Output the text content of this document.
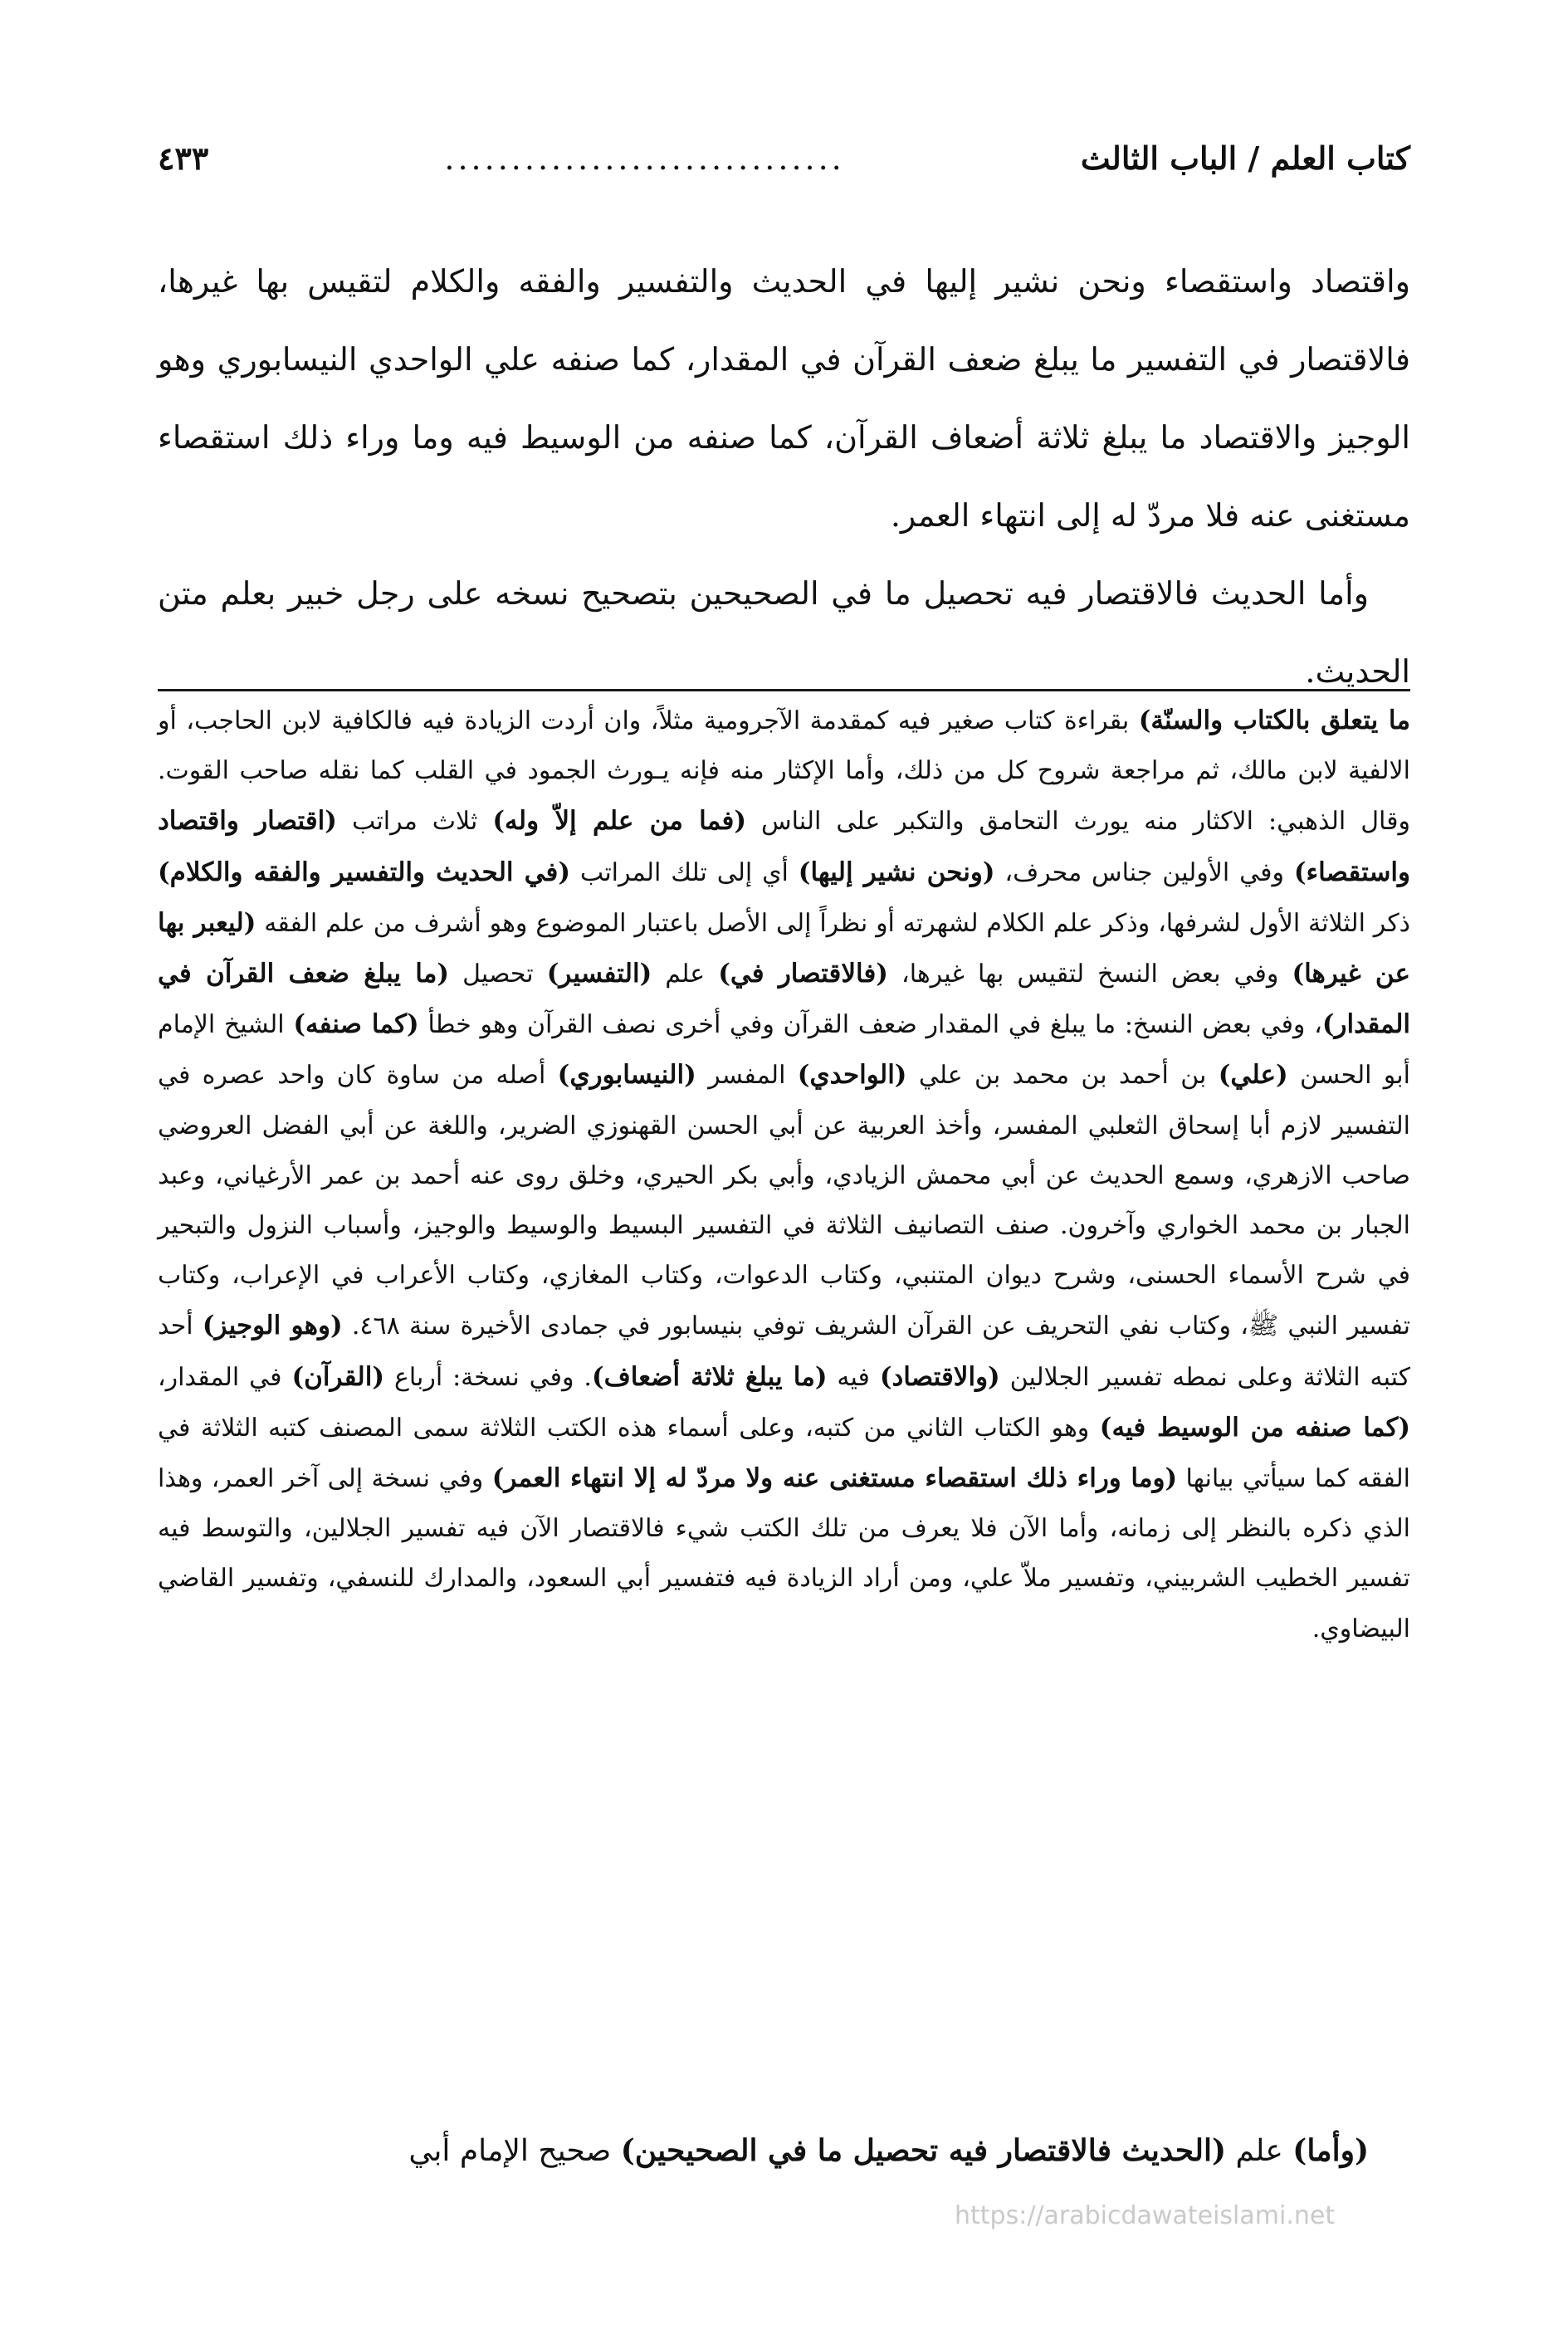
كتاب العلم / الباب الثالث
..............................
٤٣٣

واقتصاد واستقصاء ونحن نشير إليها في الحديث والتفسير والفقه والكلام لتقيس بها غيرها، فالاقتصار في التفسير ما يبلغ ضعف القرآن في المقدار، كما صنفه علي الواحدي النيسابوري وهو الوجيز والاقتصاد ما يبلغ ثلاثة أضعاف القرآن، كما صنفه من الوسيط فيه وما وراء ذلك استقصاء مستغنى عنه فلا مردّ له إلى انتهاء العمر.

وأما الحديث فالاقتصار فيه تحصيل ما في الصحيحين بتصحيح نسخه على رجل خبير بعلم متن الحديث.

ما يتعلق بالكتاب والسنّة) بقراءة كتاب صغير فيه كمقدمة الآجرومية مثلاً، وان أردت الزيادة فيه فالكافية لابن الحاجب، أو الالفية لابن مالك، ثم مراجعة شروح كل من ذلك، وأما الإكثار منه فإنه يـورث الجمود في القلب كما نقله صاحب القوت. وقال الذهبي: الاكثار منه يورث التحامق والتكبر على الناس (فما من علم إلاّ وله) ثلاث مراتب (اقتصار واقتصاد واستقصاء) وفي الأولين جناس محرف، (ونحن نشير إليها) أي إلى تلك المراتب (في الحديث والتفسير والفقه والكلام) ذكر الثلاثة الأول لشرفها، وذكر علم الكلام لشهرته أو نظراً إلى الأصل باعتبار الموضوع وهو أشرف من علم الفقه (ليعبر بها عن غيرها) وفي بعض النسخ لتقيس بها غيرها، (فالاقتصار في) علم (التفسير) تحصيل (ما يبلغ ضعف القرآن في المقدار)، وفي بعض النسخ: ما يبلغ في المقدار ضعف القرآن وفي أخرى نصف القرآن وهو خطأ (كما صنفه) الشيخ الإمام أبو الحسن (علي) بن أحمد بن محمد بن علي (الواحدي) المفسر (النيسابوري) أصله من ساوة كان واحد عصره في التفسير لازم أبا إسحاق الثعلبي المفسر، وأخذ العربية عن أبي الحسن القهنوزي الضرير، واللغة عن أبي الفضل العروضي صاحب الازهري، وسمع الحديث عن أبي محمش الزيادي، وأبي بكر الحيري، وخلق روى عنه أحمد بن عمر الأرغياني، وعبد الجبار بن محمد الخواري وآخرون. صنف التصانيف الثلاثة في التفسير البسيط والوسيط والوجيز، وأسباب النزول والتبحير في شرح الأسماء الحسنى، وشرح ديوان المتنبي، وكتاب الدعوات، وكتاب المغازي، وكتاب الأعراب في الإعراب، وكتاب تفسير النبي ﷺ، وكتاب نفي التحريف عن القرآن الشريف توفي بنيسابور في جمادى الأخيرة سنة ٤٦٨. (وهو الوجيز) أحد كتبه الثلاثة وعلى نمطه تفسير الجلالين (والاقتصاد) فيه (ما يبلغ ثلاثة أضعاف). وفي نسخة: أرباع (القرآن) في المقدار، (كما صنفه من الوسيط فيه) وهو الكتاب الثاني من كتبه، وعلى أسماء هذه الكتب الثلاثة سمى المصنف كتبه الثلاثة في الفقه كما سيأتي بيانها (وما وراء ذلك استقصاء مستغنى عنه ولا مردّ له إلا انتهاء العمر) وفي نسخة إلى آخر العمر، وهذا الذي ذكره بالنظر إلى زمانه، وأما الآن فلا يعرف من تلك الكتب شيء فالاقتصار الآن فيه تفسير الجلالين، والتوسط فيه تفسير الخطيب الشربيني، وتفسير ملاّ علي، ومن أراد الزيادة فيه فتفسير أبي السعود، والمدارك للنسفي، وتفسير القاضي البيضاوي.

(وأما) علم (الحديث فالاقتصار فيه تحصيل ما في الصحيحين) صحيح الإمام أبي
https://arabicdawateislami.net
